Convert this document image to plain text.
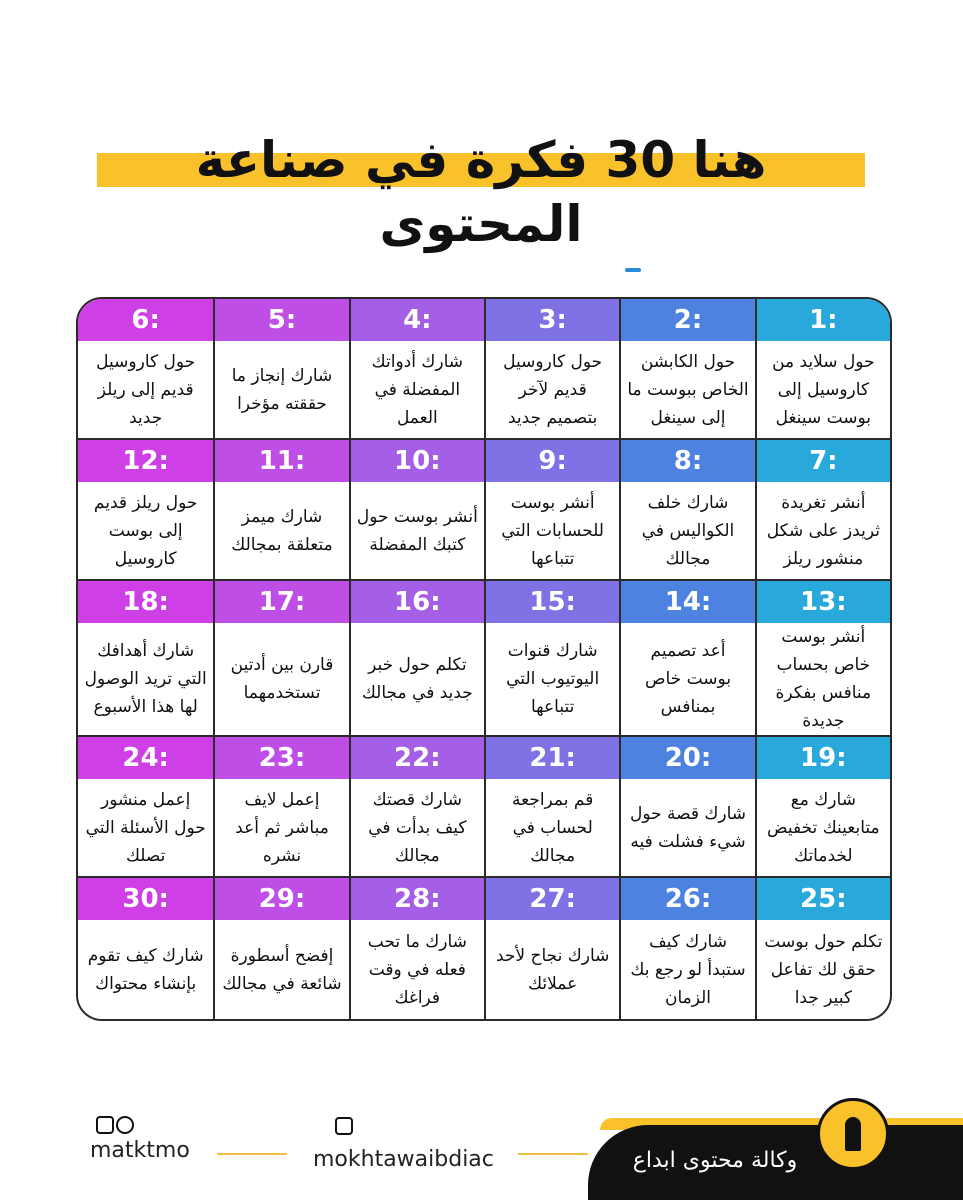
هنا 30 فكرة في صناعة المحتوى
1:
حول سلايد من كاروسيل إلى بوست سينغل
2:
حول الكابشن الخاص ببوست ما إلى سينغل
3:
حول كاروسيل قديم لآخر بتصميم جديد
4:
شارك أدواتك المفضلة في العمل
5:
شارك إنجاز ما حققته مؤخرا
6:
حول كاروسيل قديم إلى ريلز جديد
7:
أنشر تغريدة ثريدز على شكل منشور ريلز
8:
شارك خلف الكواليس في مجالك
9:
أنشر بوست للحسابات التي تتباعها
10:
أنشر بوست حول كتبك المفضلة
11:
شارك ميمز متعلقة بمجالك
12:
حول ريلز قديم إلى بوست كاروسيل
13:
أنشر بوست خاص بحساب منافس بفكرة جديدة
14:
أعد تصميم بوست خاص بمنافس
15:
شارك قنوات اليوتيوب التي تتباعها
16:
تكلم حول خبر جديد في مجالك
17:
قارن بين أدتين تستخدمهما
18:
شارك أهدافك التي تريد الوصول لها هذا الأسبوع
19:
شارك مع متابعينك تخفيض لخدماتك
20:
شارك قصة حول شيء فشلت فيه
21:
قم بمراجعة لحساب في مجالك
22:
شارك قصتك كيف بدأت في مجالك
23:
إعمل لايف مباشر ثم أعد نشره
24:
إعمل منشور حول الأسئلة التي تصلك
25:
تكلم حول بوست حقق لك تفاعل كبير جدا
26:
شارك كيف ستبدأ لو رجع بك الزمان
27:
شارك نجاح لأحد عملائك
28:
شارك ما تحب فعله في وقت فراغك
29:
إفضح أسطورة شائعة في مجالك
30:
شارك كيف تقوم بإنشاء محتواك
matktmo	mokhtawaibdiac	وكالة محتوى ابداع
